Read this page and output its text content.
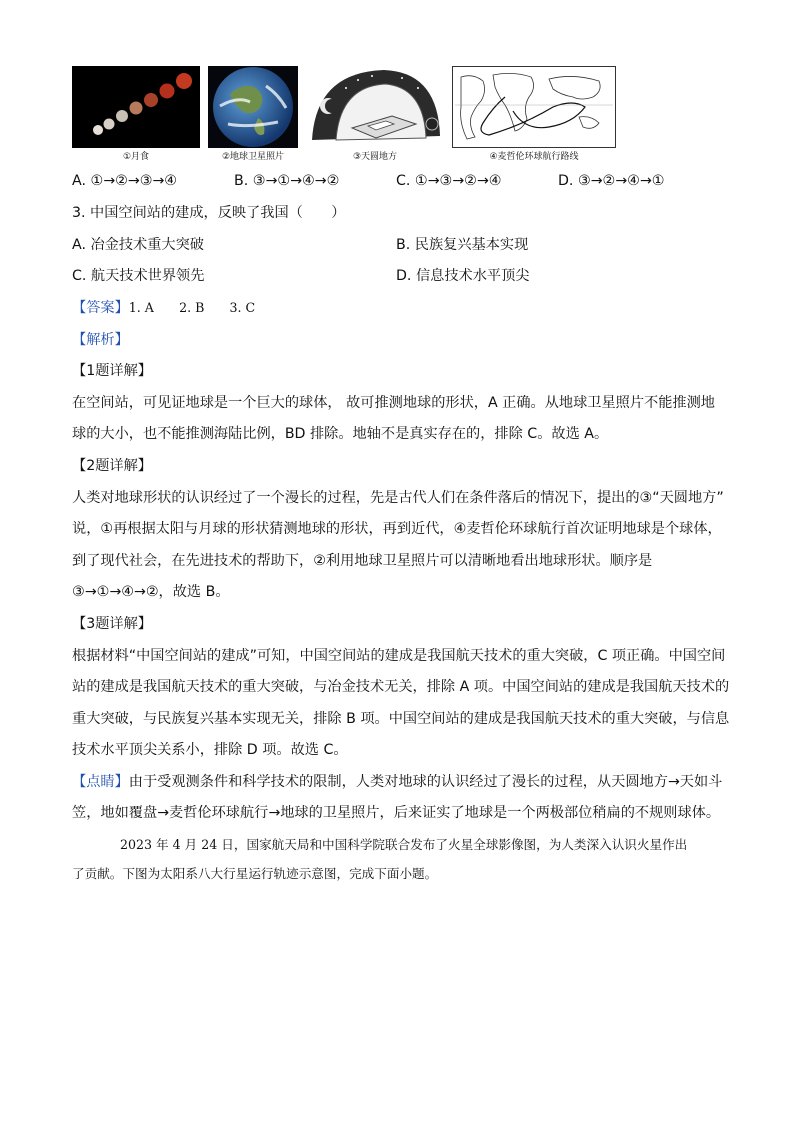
①月食	②地球卫星照片	③天圆地方	④麦哲伦环球航行路线
A. ①→②→③→④	B. ③→①→④→②	C. ①→③→②→④	D. ③→②→④→①
3. 中国空间站的建成，反映了我国（　　）
A. 冶金技术重大突破	B. 民族复兴基本实现
C. 航天技术世界领先	D. 信息技术水平顶尖
【答案】1. A　　2. B　　3. C
【解析】
【1题详解】
在空间站，可见证地球是一个巨大的球体， 故可推测地球的形状，A 正确。从地球卫星照片不能推测地
球的大小，也不能推测海陆比例，BD 排除。地轴不是真实存在的，排除 C。故选 A。
【2题详解】
人类对地球形状的认识经过了一个漫长的过程，先是古代人们在条件落后的情况下，提出的③“天圆地方”
说，①再根据太阳与月球的形状猜测地球的形状，再到近代，④麦哲伦环球航行首次证明地球是个球体，
到了现代社会，在先进技术的帮助下，②利用地球卫星照片可以清晰地看出地球形状。顺序是
③→①→④→②，故选 B。
【3题详解】
根据材料“中国空间站的建成”可知，中国空间站的建成是我国航天技术的重大突破，C 项正确。中国空间
站的建成是我国航天技术的重大突破，与冶金技术无关，排除 A 项。中国空间站的建成是我国航天技术的
重大突破，与民族复兴基本实现无关，排除 B 项。中国空间站的建成是我国航天技术的重大突破，与信息
技术水平顶尖关系小，排除 D 项。故选 C。
【点睛】由于受观测条件和科学技术的限制，人类对地球的认识经过了漫长的过程，从天圆地方→天如斗
笠，地如覆盘→麦哲伦环球航行→地球的卫星照片，后来证实了地球是一个两极部位稍扁的不规则球体。
2023 年 4 月 24 日，国家航天局和中国科学院联合发布了火星全球影像图，为人类深入认识火星作出
了贡献。下图为太阳系八大行星运行轨迹示意图，完成下面小题。
